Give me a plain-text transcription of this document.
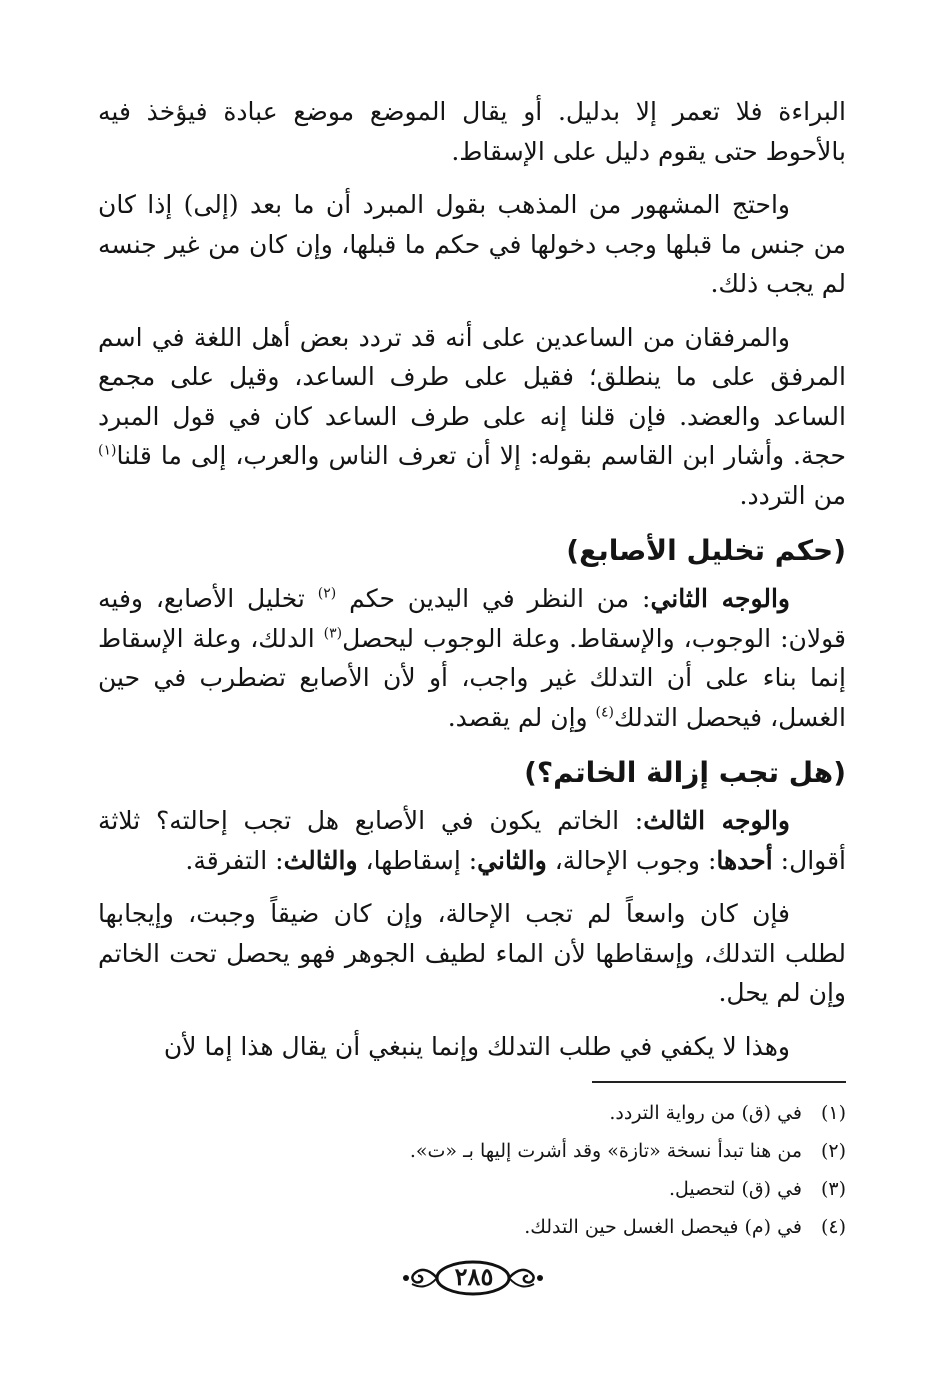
البراءة فلا تعمر إلا بدليل. أو يقال الموضع موضع عبادة فيؤخذ فيه بالأحوط حتى يقوم دليل على الإسقاط.

واحتج المشهور من المذهب بقول المبرد أن ما بعد (إلى) إذا كان من جنس ما قبلها وجب دخولها في حكم ما قبلها، وإن كان من غير جنسه لم يجب ذلك.

والمرفقان من الساعدين على أنه قد تردد بعض أهل اللغة في اسم المرفق على ما ينطلق؛ فقيل على طرف الساعد، وقيل على مجمع الساعد والعضد. فإن قلنا إنه على طرف الساعد كان في قول المبرد حجة. وأشار ابن القاسم بقوله: إلا أن تعرف الناس والعرب، إلى ما قلنا$^{(١)}$ من التردد.

(حكم تخليل الأصابع)

والوجه الثاني: من النظر في اليدين حكم $^{(٢)}$ تخليل الأصابع، وفيه قولان: الوجوب، والإسقاط. وعلة الوجوب ليحصل$^{(٣)}$ الدلك، وعلة الإسقاط إنما بناء على أن التدلك غير واجب، أو لأن الأصابع تضطرب في حين الغسل، فيحصل التدلك$^{(٤)}$ وإن لم يقصد.

(هل تجب إزالة الخاتم؟)

والوجه الثالث: الخاتم يكون في الأصابع هل تجب إحالته؟ ثلاثة أقوال: أحدها: وجوب الإحالة، والثاني: إسقاطها، والثالث: التفرقة.

فإن كان واسعاً لم تجب الإحالة، وإن كان ضيقاً وجبت، وإيجابها لطلب التدلك، وإسقاطها لأن الماء لطيف الجوهر فهو يحصل تحت الخاتم وإن لم يحل.

وهذا لا يكفي في طلب التدلك وإنما ينبغي أن يقال هذا إما لأن

(١)
في (ق) من رواية التردد.
(٢)
من هنا تبدأ نسخة «تازة» وقد أشرت إليها بـ «ت».
(٣)
في (ق) لتحصيل.
(٤)
في (م) فيحصل الغسل حين التدلك.
٢٨٥
